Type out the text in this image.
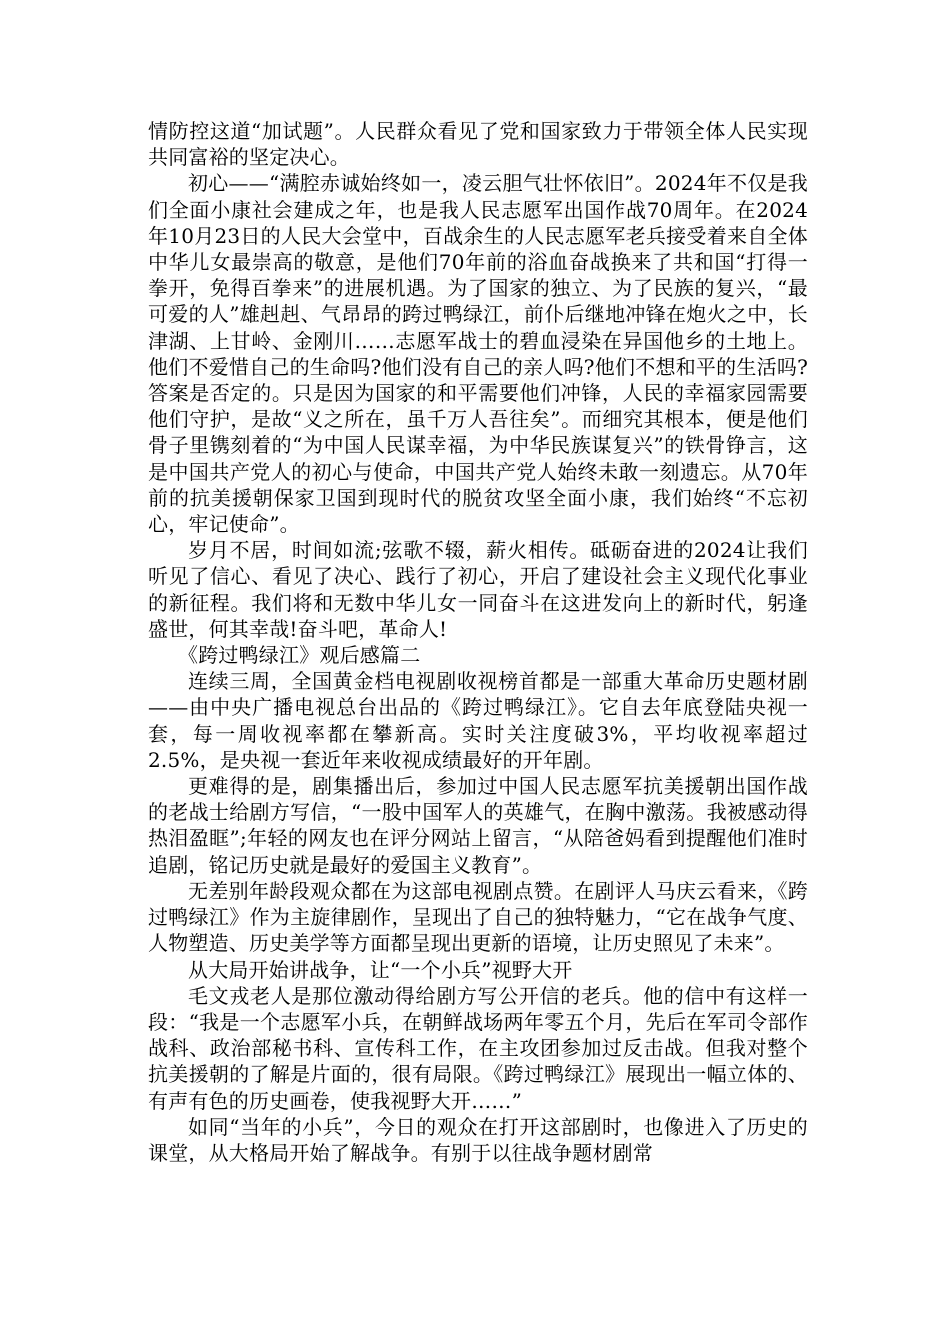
情防控这道“加试题”。人民群众看见了党和国家致力于带领全体人民实现共同富裕的坚定决心。

初心——“满腔赤诚始终如一，凌云胆气壮怀依旧”。2024年不仅是我们全面小康社会建成之年，也是我人民志愿军出国作战70周年。在2024年10月23日的人民大会堂中，百战余生的人民志愿军老兵接受着来自全体中华儿女最崇高的敬意，是他们70年前的浴血奋战换来了共和国“打得一拳开，免得百拳来”的进展机遇。为了国家的独立、为了民族的复兴，“最可爱的人”雄赳赳、气昂昂的跨过鸭绿江，前仆后继地冲锋在炮火之中，长津湖、上甘岭、金刚川……志愿军战士的碧血浸染在异国他乡的土地上。他们不爱惜自己的生命吗?他们没有自己的亲人吗?他们不想和平的生活吗?答案是否定的。只是因为国家的和平需要他们冲锋，人民的幸福家园需要他们守护，是故“义之所在，虽千万人吾往矣”。而细究其根本，便是他们骨子里镌刻着的“为中国人民谋幸福，为中华民族谋复兴”的铁骨铮言，这是中国共产党人的初心与使命，中国共产党人始终未敢一刻遗忘。从70年前的抗美援朝保家卫国到现时代的脱贫攻坚全面小康，我们始终“不忘初心，牢记使命”。

岁月不居，时间如流;弦歌不辍，薪火相传。砥砺奋进的2024让我们听见了信心、看见了决心、践行了初心，开启了建设社会主义现代化事业的新征程。我们将和无数中华儿女一同奋斗在这进发向上的新时代，躬逢盛世，何其幸哉!奋斗吧，革命人!

《跨过鸭绿江》观后感篇二

连续三周，全国黄金档电视剧收视榜首都是一部重大革命历史题材剧——由中央广播电视总台出品的《跨过鸭绿江》。它自去年底登陆央视一套，每一周收视率都在攀新高。实时关注度破3%，平均收视率超过2.5%，是央视一套近年来收视成绩最好的开年剧。

更难得的是，剧集播出后，参加过中国人民志愿军抗美援朝出国作战的老战士给剧方写信，“一股中国军人的英雄气，在胸中激荡。我被感动得热泪盈眶”;年轻的网友也在评分网站上留言，“从陪爸妈看到提醒他们准时追剧，铭记历史就是最好的爱国主义教育”。

无差别年龄段观众都在为这部电视剧点赞。在剧评人马庆云看来，《跨过鸭绿江》作为主旋律剧作，呈现出了自己的独特魅力，“它在战争气度、人物塑造、历史美学等方面都呈现出更新的语境，让历史照见了未来”。

从大局开始讲战争，让“一个小兵”视野大开

毛文戎老人是那位激动得给剧方写公开信的老兵。他的信中有这样一段：“我是一个志愿军小兵，在朝鲜战场两年零五个月，先后在军司令部作战科、政治部秘书科、宣传科工作，在主攻团参加过反击战。但我对整个抗美援朝的了解是片面的，很有局限。《跨过鸭绿江》展现出一幅立体的、有声有色的历史画卷，使我视野大开……”

如同“当年的小兵”，今日的观众在打开这部剧时，也像进入了历史的课堂，从大格局开始了解战争。有别于以往战争题材剧常
